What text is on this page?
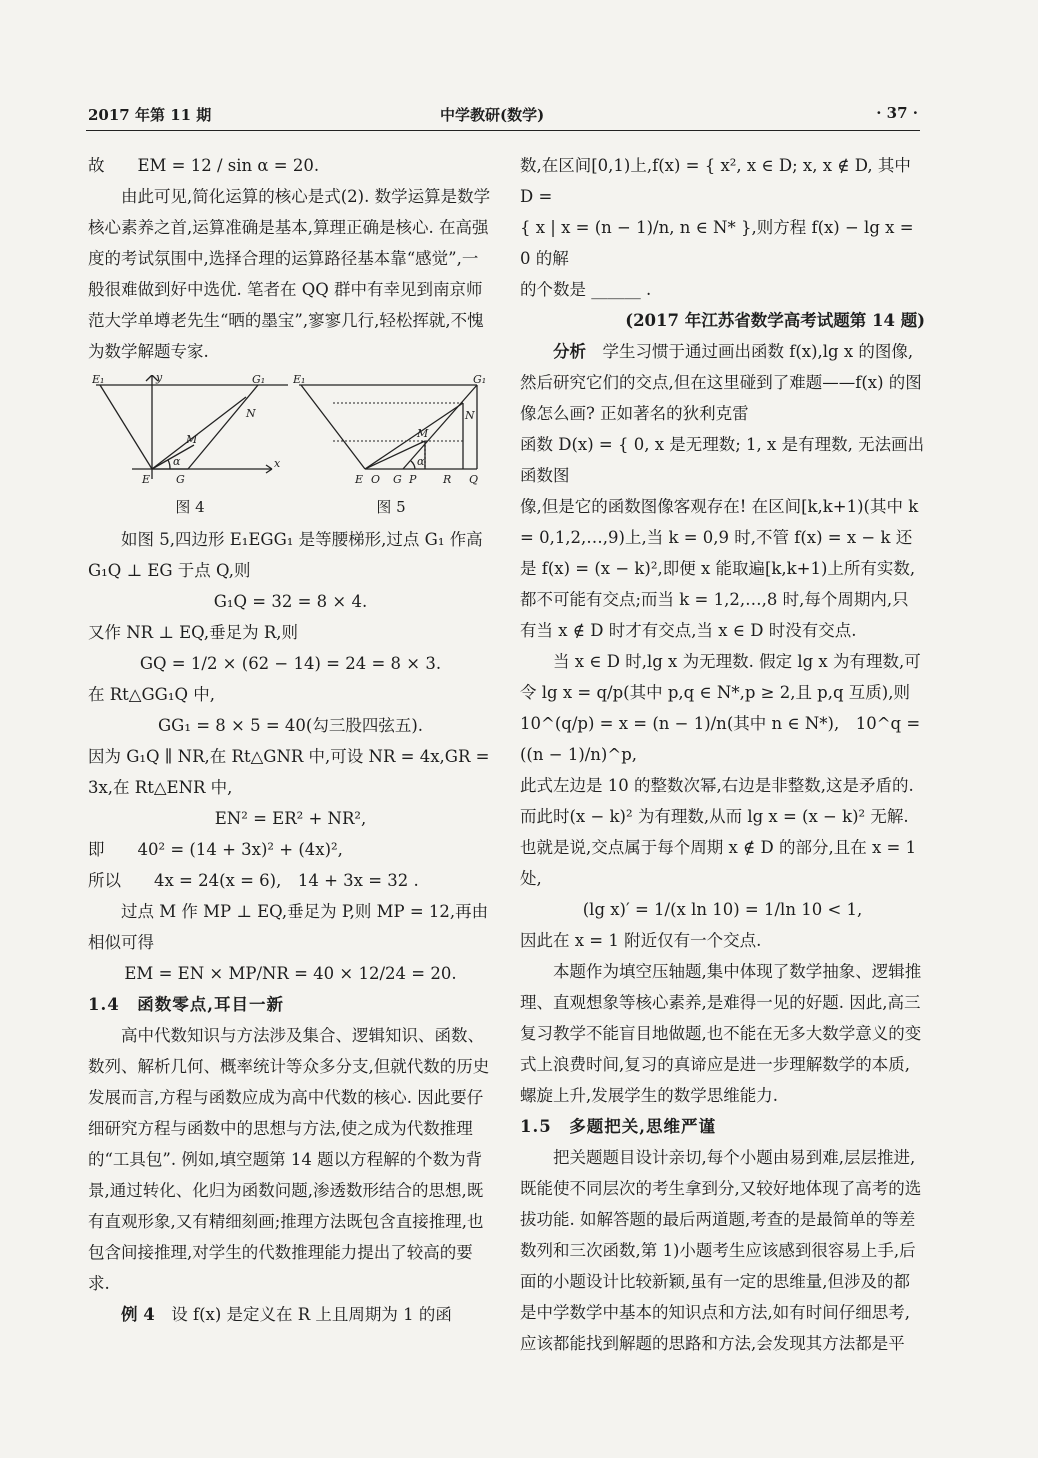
2017 年第 11 期	中学教研(数学)	· 37 ·

故　　EM = 12 / sin α = 20.

由此可见,简化运算的核心是式(2). 数学运算是数学核心素养之首,运算准确是基本,算理正确是核心. 在高强度的考试氛围中,选择合理的运算路径基本靠“感觉”,一般很难做到好中选优. 笔者在 QQ 群中有幸见到南京师范大学单墫老先生“晒的墨宝”,寥寥几行,轻松挥就,不愧为数学解题专家.

E₁	G₁
y
N
M
α
E G
x
图 4
E₁	G₁
N
M
α
E O G P R Q
图 5

如图 5,四边形 E₁EGG₁ 是等腰梯形,过点 G₁ 作高 G₁Q ⊥ EG 于点 Q,则

G₁Q = 32 = 8 × 4.

又作 NR ⊥ EQ,垂足为 R,则

GQ = 1/2 × (62 − 14) = 24 = 8 × 3.

在 Rt△GG₁Q 中,

GG₁ = 8 × 5 = 40(勾三股四弦五).

因为 G₁Q ∥ NR,在 Rt△GNR 中,可设 NR = 4x,GR = 3x,在 Rt△ENR 中,

EN² = ER² + NR²,

即　　40² = (14 + 3x)² + (4x)²,

所以　　4x = 24(x = 6),　14 + 3x = 32 .

过点 M 作 MP ⊥ EQ,垂足为 P,则 MP = 12,再由相似可得

EM = EN × MP/NR = 40 × 12/24 = 20.

1.4　函数零点,耳目一新

高中代数知识与方法涉及集合、逻辑知识、函数、数列、解析几何、概率统计等众多分支,但就代数的历史发展而言,方程与函数应成为高中代数的核心. 因此要仔细研究方程与函数中的思想与方法,使之成为代数推理的“工具包”. 例如,填空题第 14 题以方程解的个数为背景,通过转化、化归为函数问题,渗透数形结合的思想,既有直观形象,又有精细刻画;推理方法既包含直接推理,也包含间接推理,对学生的代数推理能力提出了较高的要求.

例 4　 设 f(x) 是定义在 R 上且周期为 1 的函

数,在区间[0,1)上,f(x) = { x², x ∈ D; x, x ∉ D, 其中 D =

{ x | x = (n − 1)/n, n ∈ N* },则方程 f(x) − lg x = 0 的解

的个数是 ______ .

(2017 年江苏省数学高考试题第 14 题)

分析　 学生习惯于通过画出函数 f(x),lg x 的图像,然后研究它们的交点,但在这里碰到了难题——f(x) 的图像怎么画? 正如著名的狄利克雷

函数 D(x) = { 0, x 是无理数; 1, x 是有理数, 无法画出函数图

像,但是它的函数图像客观存在! 在区间[k,k+1)(其中 k = 0,1,2,…,9)上,当 k = 0,9 时,不管 f(x) = x − k 还是 f(x) = (x − k)²,即便 x 能取遍[k,k+1)上所有实数,都不可能有交点;而当 k = 1,2,…,8 时,每个周期内,只有当 x ∉ D 时才有交点,当 x ∈ D 时没有交点.

当 x ∈ D 时,lg x 为无理数. 假定 lg x 为有理数,可令 lg x = q/p(其中 p,q ∈ N*,p ≥ 2,且 p,q 互质),则

10^(q/p) = x = (n − 1)/n(其中 n ∈ N*),　10^q = ((n − 1)/n)^p,

此式左边是 10 的整数次幂,右边是非整数,这是矛盾的. 而此时(x − k)² 为有理数,从而 lg x = (x − k)² 无解. 也就是说,交点属于每个周期 x ∉ D 的部分,且在 x = 1 处,

(lg x)′ = 1/(x ln 10) = 1/ln 10 < 1,

因此在 x = 1 附近仅有一个交点.

本题作为填空压轴题,集中体现了数学抽象、逻辑推理、直观想象等核心素养,是难得一见的好题. 因此,高三复习教学不能盲目地做题,也不能在无多大数学意义的变式上浪费时间,复习的真谛应是进一步理解数学的本质,螺旋上升,发展学生的数学思维能力.

1.5　多题把关,思维严谨

把关题题目设计亲切,每个小题由易到难,层层推进,既能使不同层次的考生拿到分,又较好地体现了高考的选拔功能. 如解答题的最后两道题,考查的是最简单的等差数列和三次函数,第 1)小题考生应该感到很容易上手,后面的小题设计比较新颖,虽有一定的思维量,但涉及的都是中学数学中基本的知识点和方法,如有时间仔细思考,应该都能找到解题的思路和方法,会发现其方法都是平
